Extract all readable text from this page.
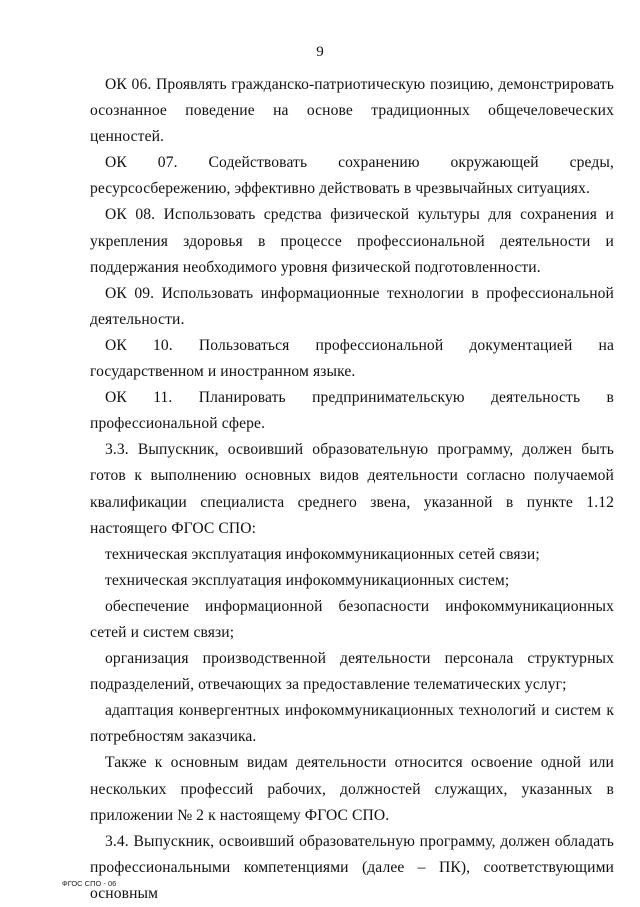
9

ОК 06. Проявлять гражданско-патриотическую позицию, демонстрировать осознанное поведение на основе традиционных общечеловеческих ценностей.

ОК 07. Содействовать сохранению окружающей среды, ресурсосбережению, эффективно действовать в чрезвычайных ситуациях.

ОК 08. Использовать средства физической культуры для сохранения и укрепления здоровья в процессе профессиональной деятельности и поддержания необходимого уровня физической подготовленности.

ОК 09. Использовать информационные технологии в профессиональной деятельности.

ОК 10. Пользоваться профессиональной документацией на государственном и иностранном языке.

ОК 11. Планировать предпринимательскую деятельность в профессиональной сфере.

3.3. Выпускник, освоивший образовательную программу, должен быть готов к выполнению основных видов деятельности согласно получаемой квалификации специалиста среднего звена, указанной в пункте 1.12 настоящего ФГОС СПО:

техническая эксплуатация инфокоммуникационных сетей связи;

техническая эксплуатация инфокоммуникационных систем;

обеспечение информационной безопасности инфокоммуникационных сетей и систем связи;

организация производственной деятельности персонала структурных подразделений, отвечающих за предоставление телематических услуг;

адаптация конвергентных инфокоммуникационных технологий и систем к потребностям заказчика.

Также к основным видам деятельности относится освоение одной или нескольких профессий рабочих, должностей служащих, указанных в приложении № 2 к настоящему ФГОС СПО.

3.4. Выпускник, освоивший образовательную программу, должен обладать профессиональными компетенциями (далее – ПК), соответствующими основным

ФГОС СПО - 06
